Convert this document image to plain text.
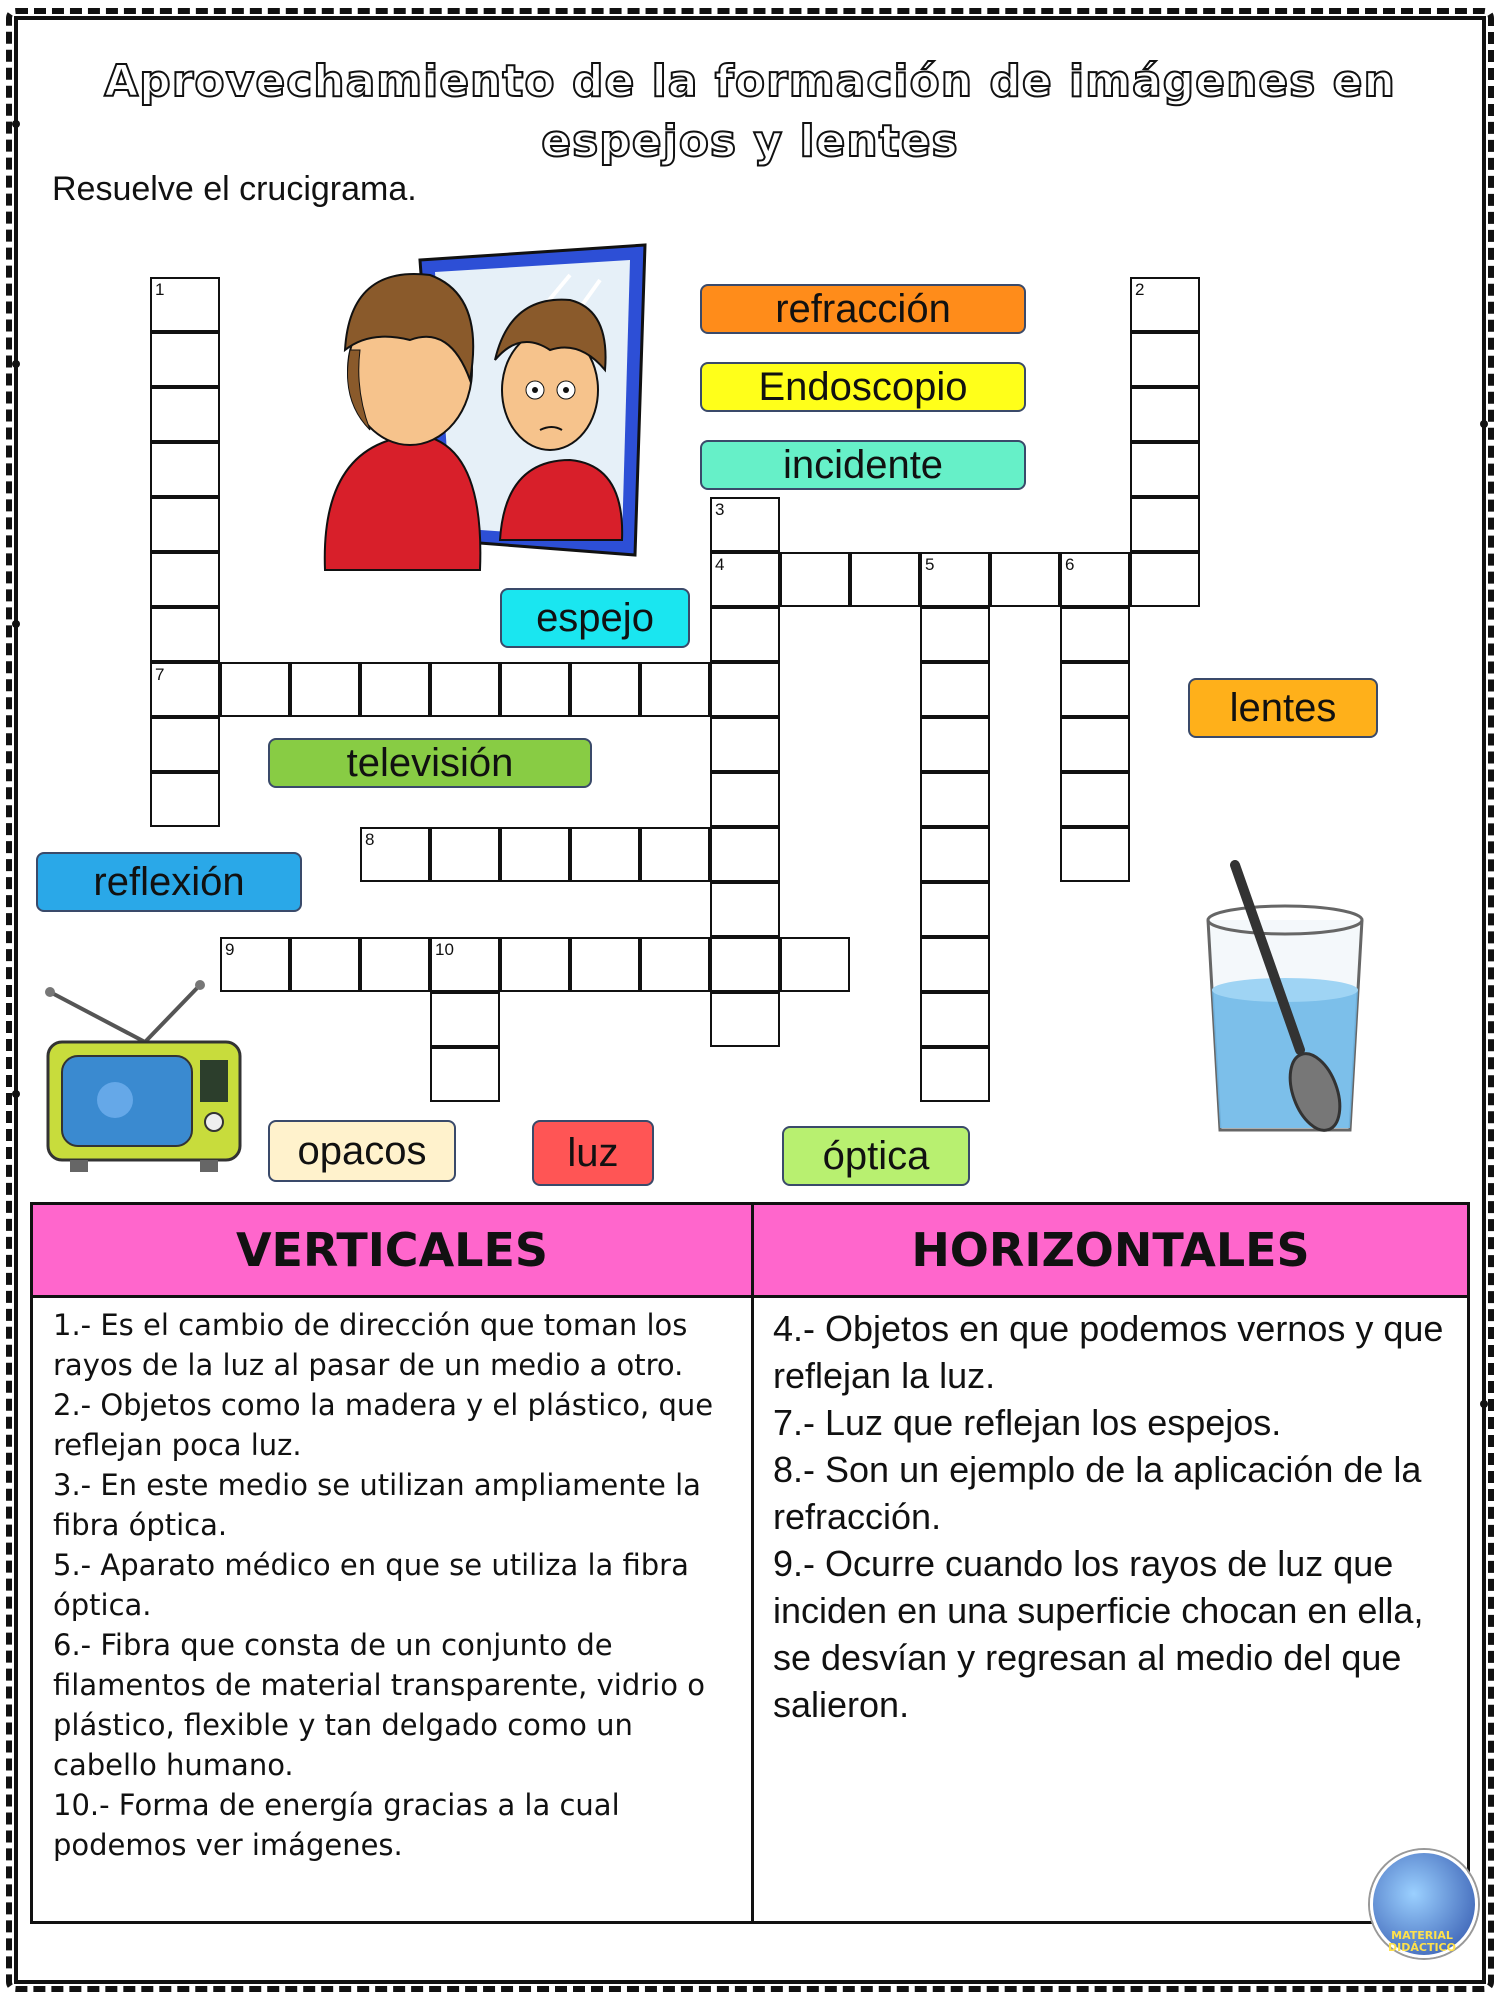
Aprovechamiento de la formación de imágenes en espejos y lentes
Resuelve el crucigrama.
1
7
2
3
4	5	6
8
9	10
refracción
Endoscopio
incidente
espejo
televisión
lentes
reflexión
opacos	luz	óptica
VERTICALES	HORIZONTALES

1.- Es el cambio de dirección que toman los rayos de la luz al pasar de un medio a otro.

2.- Objetos como la madera y el plástico, que reflejan poca luz.

3.- En este medio se utilizan ampliamente la fibra óptica.

5.- Aparato médico en que se utiliza la fibra óptica.

6.- Fibra que consta de un conjunto de filamentos de material transparente, vidrio o plástico, flexible y tan delgado como un cabello humano.

10.- Forma de energía gracias a la cual podemos ver imágenes.

4.- Objetos en que podemos vernos y que reflejan la luz.

7.- Luz que reflejan los espejos.

8.- Son un ejemplo de la aplicación de la refracción.

9.- Ocurre cuando los rayos de luz que inciden en una superficie chocan en ella, se desvían y regresan al medio del que salieron.

MATERIAL DIDÁCTICO
